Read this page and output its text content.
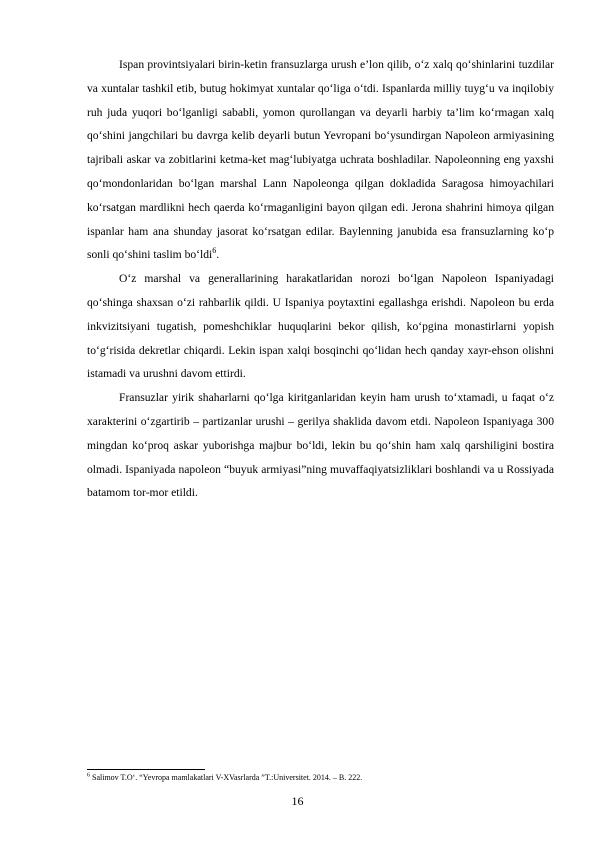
Ispan provintsiyalari birin-ketin fransuzlarga urush e’lon qilib, o‘z xalq qo‘shinlarini tuzdilar va xuntalar tashkil etib, butug hokimyat xuntalar qo‘liga o‘tdi. Ispanlarda milliy tuyg‘u va inqilobiy ruh juda yuqori bo‘lganligi sababli, yomon qurollangan va deyarli harbiy ta’lim ko‘rmagan xalq qo‘shini jangchilari bu davrga kelib deyarli butun Yevropani bo‘ysundirgan Napoleon armiyasining tajribali askar va zobitlarini ketma-ket mag‘lubiyatga uchrata boshladilar. Napoleonning eng yaxshi qo‘mondonlaridan bo‘lgan marshal Lann Napoleonga qilgan dokladida Saragosa himoyachilari ko‘rsatgan mardlikni hech qaerda ko‘rmaganligini bayon qilgan edi. Jerona shahrini himoya qilgan ispanlar ham ana shunday jasorat ko‘rsatgan edilar. Baylenning janubida esa fransuzlarning ko‘p sonli qo‘shini taslim bo‘ldi$^6$.

O‘z marshal va generallarining harakatlaridan norozi bo‘lgan Napoleon Ispaniyadagi qo‘shinga shaxsan o‘zi rahbarlik qildi. U Ispaniya poytaxtini egallashga erishdi. Napoleon bu erda inkvizitsiyani tugatish, pomeshchiklar huquqlarini bekor qilish, ko‘pgina monastirlarni yopish to‘g‘risida dekretlar chiqardi. Lekin ispan xalqi bosqinchi qo‘lidan hech qanday xayr-ehson olishni istamadi va urushni davom ettirdi.

Fransuzlar yirik shaharlarni qo‘lga kiritganlaridan keyin ham urush to‘xtamadi, u faqat o‘z xarakterini o‘zgartirib – partizanlar urushi – gerilya shaklida davom etdi. Napoleon Ispaniyaga 300 mingdan ko‘proq askar yuborishga majbur bo‘ldi, lekin bu qo‘shin ham xalq qarshiligini bostira olmadi. Ispaniyada napoleon “buyuk armiyasi”ning muvaffaqiyatsizliklari boshlandi va u Rossiyada batamom tor-mor etildi.

$^6$ Salimov T.O‘. “Yevropa mamlakatlari V-XVasrlarda ”T.:Universitet. 2014. – B. 222.
16
